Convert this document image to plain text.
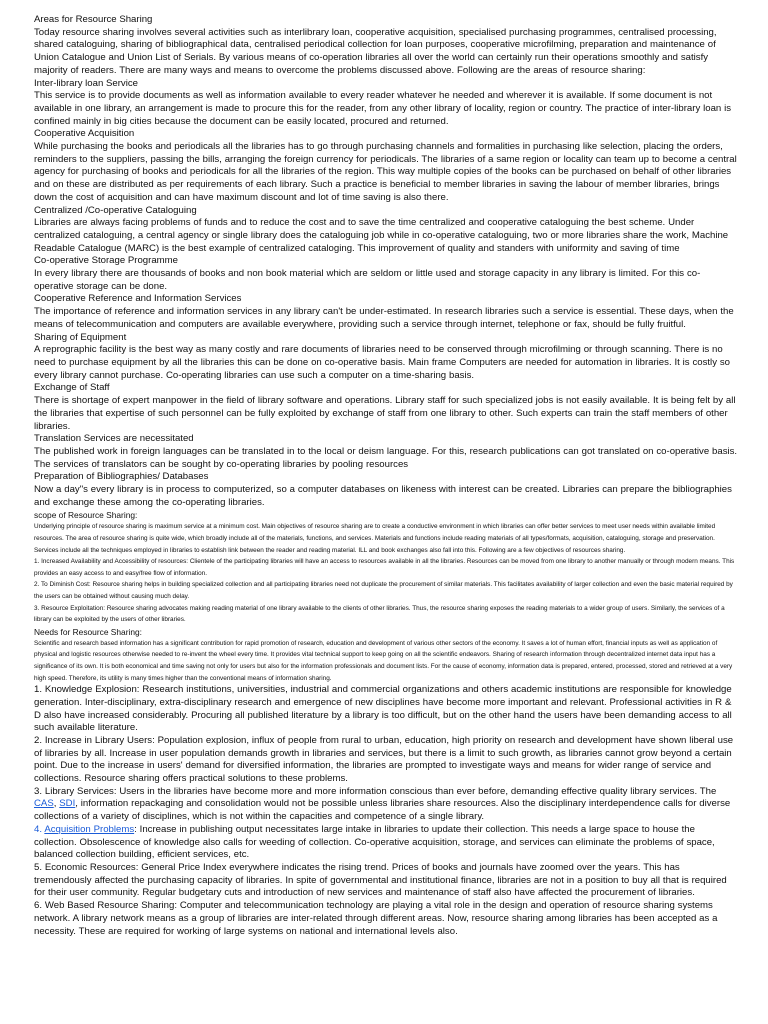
Areas for Resource Sharing

Today resource sharing involves several activities such as interlibrary loan, cooperative acquisition, specialised purchasing programmes, centralised processing, shared cataloguing, sharing of bibliographical data, centralised periodical collection for loan purposes, cooperative microfilming, preparation and maintenance of Union Catalogue and Union List of Serials. By various means of co-operation libraries all over the world can certainly run their operations smoothly and satisfy majority of readers. There are many ways and means to overcome the problems discussed above. Following are the areas of resource sharing:

Inter-library loan Service

This service is to provide documents as well as information available to every reader whatever he needed and wherever it is available. If some document is not available in one library, an arrangement is made to procure this for the reader, from any other library of locality, region or country. The practice of inter-library loan is confined mainly in big cities because the document can be easily located, procured and returned.

Cooperative Acquisition

While purchasing the books and periodicals all the libraries has to go through purchasing channels and formalities in purchasing like selection, placing the orders, reminders to the suppliers, passing the bills, arranging the foreign currency for periodicals. The libraries of a same region or locality can team up to become a central agency for purchasing of books and periodicals for all the libraries of the region. This way multiple copies of the books can be purchased on behalf of other libraries and on these are distributed as per requirements of each library. Such a practice is beneficial to member libraries in saving the labour of member libraries, brings down the cost of acquisition and can have maximum discount and lot of time saving is also there.

Centralized /Co-operative Cataloguing

Libraries are always facing problems of funds and to reduce the cost and to save the time centralized and cooperative cataloguing the best scheme. Under centralized cataloguing, a central agency or single library does the cataloguing job while in co-operative cataloguing, two or more libraries share the work, Machine Readable Catalogue (MARC) is the best example of centralized cataloging. This improvement of quality and standers with uniformity and saving of time

Co-operative Storage Programme

In every library there are thousands of books and non book material which are seldom or little used and storage capacity in any library is limited. For this co-operative storage can be done.

Cooperative Reference and Information Services

The importance of reference and information services in any library can't be under-estimated. In research libraries such a service is essential. These days, when the means of telecommunication and computers are available everywhere, providing such a service through internet, telephone or fax, should be fully fruitful.

Sharing of Equipment

A reprographic facility is the best way as many costly and rare documents of libraries need to be conserved through microfilming or through scanning. There is no need to purchase equipment by all the libraries this can be done on co-operative basis. Main frame Computers are needed for automation in libraries. It is costly so every library cannot purchase. Co-operating libraries can use such a computer on a time-sharing basis.

Exchange of Staff

There is shortage of expert manpower in the field of library software and operations. Library staff for such specialized jobs is not easily available. It is being felt by all the libraries that expertise of such personnel can be fully exploited by exchange of staff from one library to other. Such experts can train the staff members of other libraries.

Translation Services are necessitated

The published work in foreign languages can be translated in to the local or deism language. For this, research publications can got translated on co-operative basis. The services of translators can be sought by co-operating libraries by pooling resources

Preparation of Bibliographies/ Databases

Now a day"s every library is in process to computerized, so a computer databases on likeness with interest can be created. Libraries can prepare the bibliographies and exchange these among the co-operating libraries.

scope of Resource Sharing:

Underlying principle of resource sharing is maximum service at a minimum cost. Main objectives of resource sharing are to create a conductive environment in which libraries can offer better services to meet user needs within available limited resources. The area of resource sharing is quite wide, which broadly include all of the materials, functions, and services. Materials and functions include reading materials of all types/formats, acquisition, cataloguing, storage and preservation. Services include all the techniques employed in libraries to establish link between the reader and reading material. ILL and book exchanges also fall into this. Following are a few objectives of resources sharing.

1. Increased Availability and Accessibility of resources: Clientele of the participating libraries will have an access to resources available in all the libraries. Resources can be moved from one library to another manually or through modern means. This provides an easy access to and easy/free flow of information.

2. To Diminish Cost: Resource sharing helps in building specialized collection and all participating libraries need not duplicate the procurement of similar materials. This facilitates availability of larger collection and even the basic material required by the users can be obtained without causing much delay.

3. Resource Exploitation: Resource sharing advocates making reading material of one library available to the clients of other libraries. Thus, the resource sharing exposes the reading materials to a wider group of users. Similarly, the services of a library can be exploited by the users of other libraries.

Needs for Resource Sharing:

Scientific and research based information has a significant contribution for rapid promotion of research, education and development of various other sectors of the economy. It saves a lot of human effort, financial inputs as well as application of physical and logistic resources otherwise needed to re-invent the wheel every time. It provides vital technical support to keep going on all the scientific endeavors. Sharing of research information through decentralized internet data input has a significance of its own. It is both economical and time saving not only for users but also for the information professionals and document lists. For the cause of economy, information data is prepared, entered, processed, stored and retrieved at a very high speed. Therefore, its utility is many times higher than the conventional means of information sharing.

1. Knowledge Explosion: Research institutions, universities, industrial and commercial organizations and others academic institutions are responsible for knowledge generation. Inter-disciplinary, extra-disciplinary research and emergence of new disciplines have become more important and relevant. Professional activities in R & D also have increased considerably. Procuring all published literature by a library is too difficult, but on the other hand the users have been demanding access to all such available literature.

2. Increase in Library Users: Population explosion, influx of people from rural to urban, education, high priority on research and development have shown liberal use of libraries by all. Increase in user population demands growth in libraries and services, but there is a limit to such growth, as libraries cannot grow beyond a certain point. Due to the increase in users' demand for diversified information, the libraries are prompted to investigate ways and means for wider range of service and collections. Resource sharing offers practical solutions to these problems.

3. Library Services: Users in the libraries have become more and more information conscious than ever before, demanding effective quality library services. The CAS, SDI, information repackaging and consolidation would not be possible unless libraries share resources. Also the disciplinary interdependence calls for diverse collections of a variety of disciplines, which is not within the capacities and competence of a single library.

4. Acquisition Problems: Increase in publishing output necessitates large intake in libraries to update their collection. This needs a large space to house the collection. Obsolescence of knowledge also calls for weeding of collection. Co-operative acquisition, storage, and services can eliminate the problems of space, balanced collection building, efficient services, etc.

5. Economic Resources: General Price Index everywhere indicates the rising trend. Prices of books and journals have zoomed over the years. This has tremendously affected the purchasing capacity of libraries. In spite of governmental and institutional finance, libraries are not in a position to buy all that is required for their user community. Regular budgetary cuts and introduction of new services and maintenance of staff also have affected the procurement of libraries.

6. Web Based Resource Sharing: Computer and telecommunication technology are playing a vital role in the design and operation of resource sharing systems network. A library network means as a group of libraries are inter-related through different areas. Now, resource sharing among libraries has been accepted as a necessity. These are required for working of large systems on national and international levels also.
